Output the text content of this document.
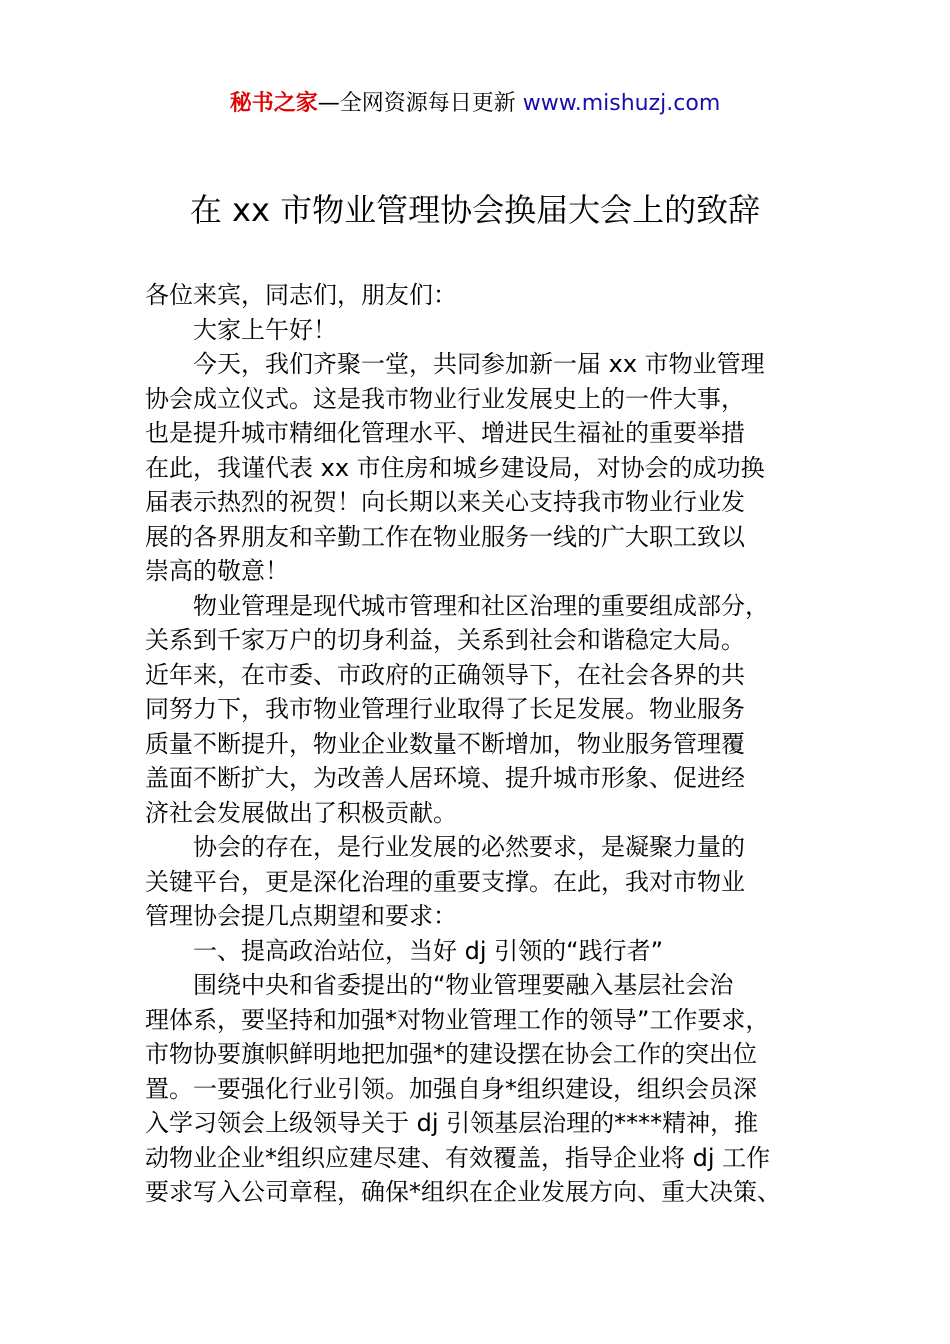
秘书之家—全网资源每日更新 www.mishuzj.com
在 xx 市物业管理协会换届大会上的致辞
各位来宾，同志们，朋友们：
大家上午好！
今天，我们齐聚一堂，共同参加新一届 xx 市物业管理
协会成立仪式。这是我市物业行业发展史上的一件大事，
也是提升城市精细化管理水平、增进民生福祉的重要举措
在此，我谨代表 xx 市住房和城乡建设局，对协会的成功换
届表示热烈的祝贺！向长期以来关心支持我市物业行业发
展的各界朋友和辛勤工作在物业服务一线的广大职工致以
崇高的敬意！
物业管理是现代城市管理和社区治理的重要组成部分，
关系到千家万户的切身利益，关系到社会和谐稳定大局。
近年来，在市委、市政府的正确领导下，在社会各界的共
同努力下，我市物业管理行业取得了长足发展。物业服务
质量不断提升，物业企业数量不断增加，物业服务管理覆
盖面不断扩大，为改善人居环境、提升城市形象、促进经
济社会发展做出了积极贡献。
协会的存在，是行业发展的必然要求，是凝聚力量的
关键平台，更是深化治理的重要支撑。在此，我对市物业
管理协会提几点期望和要求：
一、提高政治站位，当好 dj 引领的“践行者”
围绕中央和省委提出的“物业管理要融入基层社会治
理体系，要坚持和加强*对物业管理工作的领导”工作要求，
市物协要旗帜鲜明地把加强*的建设摆在协会工作的突出位
置。一要强化行业引领。加强自身*组织建设，组织会员深
入学习领会上级领导关于 dj 引领基层治理的****精神，推
动物业企业*组织应建尽建、有效覆盖，指导企业将 dj 工作
要求写入公司章程，确保*组织在企业发展方向、重大决策、
